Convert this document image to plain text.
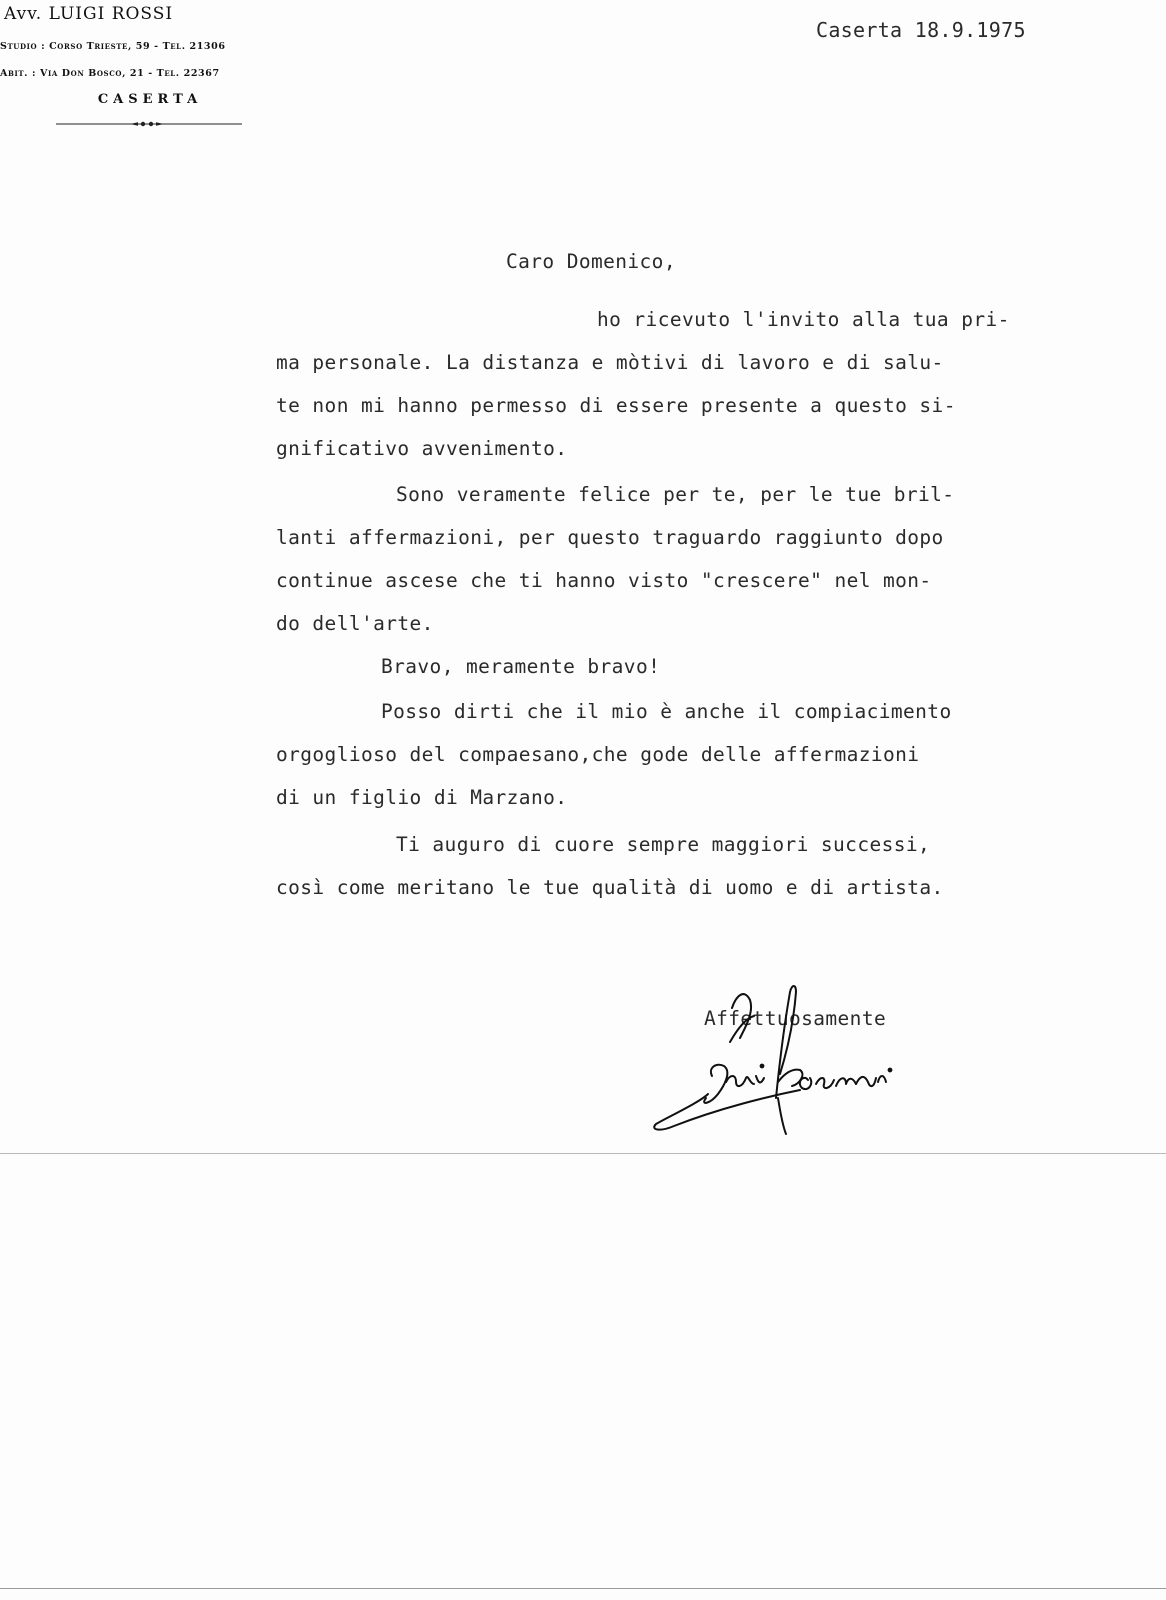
Avv. LUIGI ROSSI
Studio : Corso Trieste, 59 - Tel. 21306
Abit. : Via Don Bosco, 21 - Tel. 22367
CASERTA
Caserta 18.9.1975
Caro Domenico,
ho ricevuto l'invito alla tua pri-
ma personale. La distanza e mòtivi di lavoro e di salu-
te non mi hanno permesso di essere presente a questo si-
gnificativo avvenimento.
Sono veramente felice per te, per le tue bril-
lanti affermazioni, per questo traguardo raggiunto dopo
continue ascese che ti hanno visto "crescere" nel mon-
do dell'arte.
Bravo, meramente bravo!
Posso dirti che il mio è anche il compiacimento
orgoglioso del compaesano,che gode delle affermazioni
di un figlio di Marzano.
Ti auguro di cuore sempre maggiori successi,
così come meritano le tue qualità di uomo e di artista.
Affettuosamente
